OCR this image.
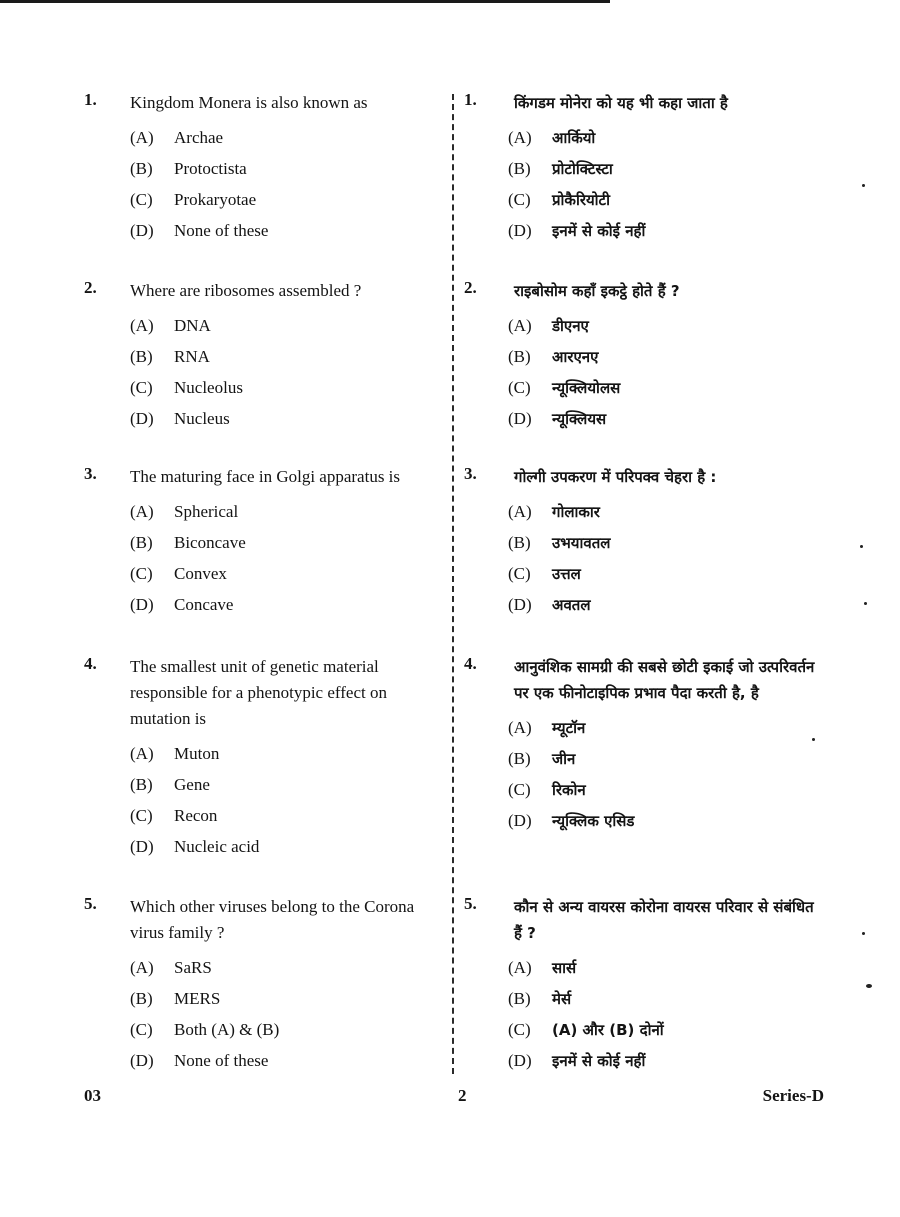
1. Kingdom Monera is also known as
(A)	Archae
(B)	Protoctista
(C)	Prokaryotae
(D)	None of these
2. Where are ribosomes assembled ?
(A)	DNA
(B)	RNA
(C)	Nucleolus
(D)	Nucleus
3. The maturing face in Golgi apparatus is
(A)	Spherical
(B)	Biconcave
(C)	Convex
(D)	Concave
4. The smallest unit of genetic material responsible for a phenotypic effect on mutation is
(A)	Muton
(B)	Gene
(C)	Recon
(D)	Nucleic acid
5. Which other viruses belong to the Corona virus family ?
(A)	SaRS
(B)	MERS
(C)	Both (A) & (B)
(D)	None of these
1. किंगडम मोनेरा को यह भी कहा जाता है
(A)	आर्कियो
(B)	प्रोटोक्टिस्टा
(C)	प्रोकैरियोटी
(D)	इनमें से कोई नहीं
2. राइबोसोम कहाँ इकट्ठे होते हैं ?
(A)	डीएनए
(B)	आरएनए
(C)	न्यूक्लियोलस
(D)	न्यूक्लियस
3. गोल्गी उपकरण में परिपक्व चेहरा है :
(A)	गोलाकार
(B)	उभयावतल
(C)	उत्तल
(D)	अवतल
4. आनुवंशिक सामग्री की सबसे छोटी इकाई जो उत्परिवर्तन पर एक फीनोटाइपिक प्रभाव पैदा करती है, है
(A)	म्यूटॉन
(B)	जीन
(C)	रिकोन
(D)	न्यूक्लिक एसिड
5. कौन से अन्य वायरस कोरोना वायरस परिवार से संबंधित हैं ?
(A)	सार्स
(B)	मेर्स
(C)	(A) और (B) दोनों
(D)	इनमें से कोई नहीं
03	2	Series-D
